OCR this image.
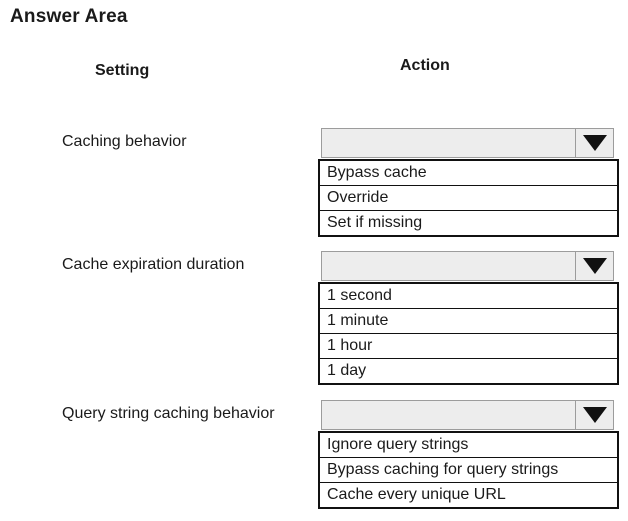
Answer Area
Setting	Action
Caching behavior
Bypass cache
Override
Set if missing
Cache expiration duration
1 second
1 minute
1 hour
1 day
Query string caching behavior
Ignore query strings
Bypass caching for query strings
Cache every unique URL
